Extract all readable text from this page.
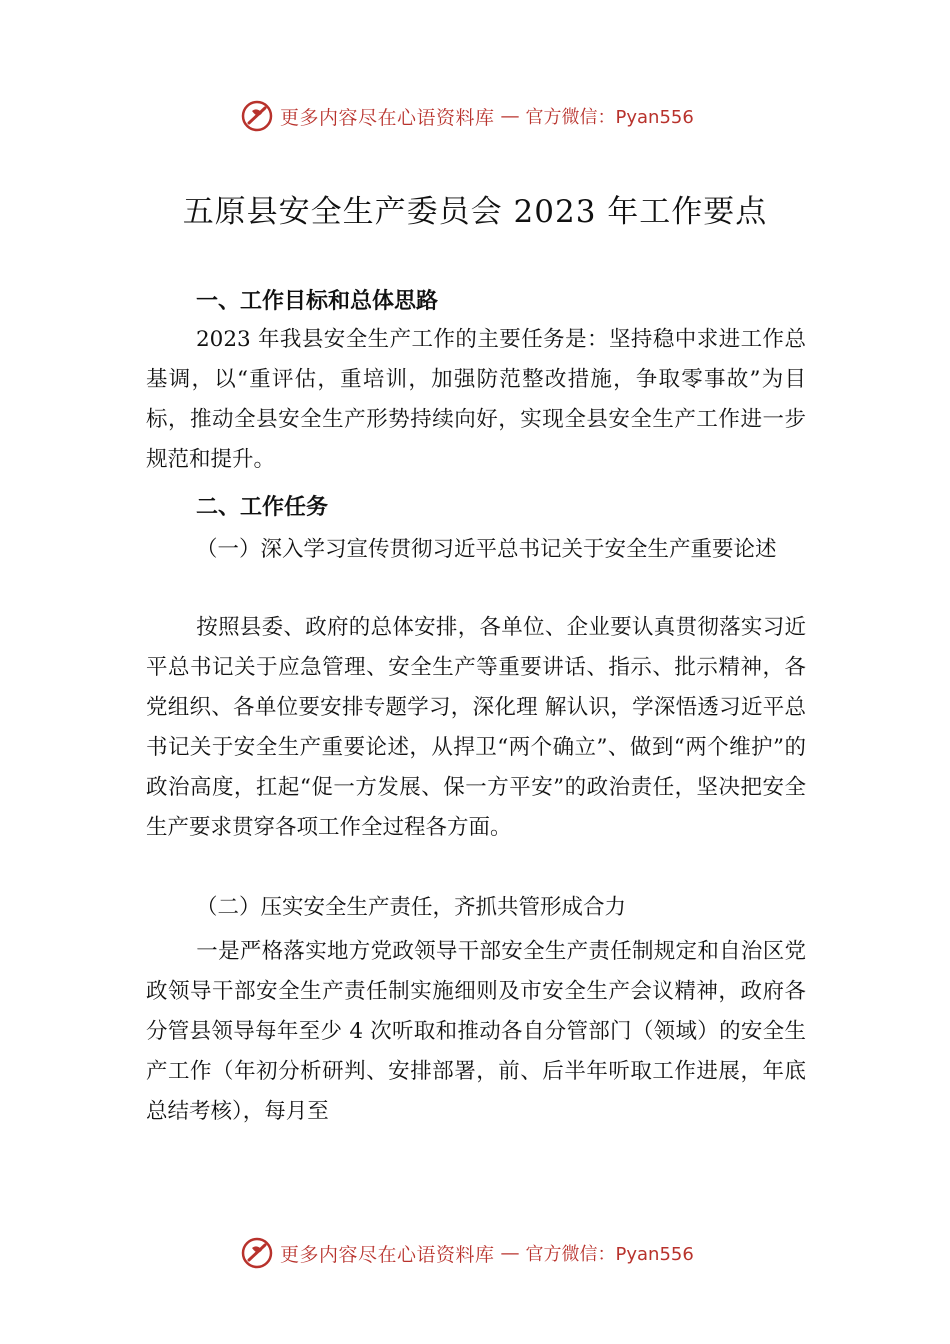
更多内容尽在心语资料库 — 官方微信：Pyan556
五原县安全生产委员会 2023 年工作要点
一、工作目标和总体思路
2023 年我县安全生产工作的主要任务是：坚持稳中求进工作总基调，以“重评估，重培训，加强防范整改措施，争取零事故”为目标，推动全县安全生产形势持续向好，实现全县安全生产工作进一步规范和提升。
二、工作任务
（一）深入学习宣传贯彻习近平总书记关于安全生产重要论述
按照县委、政府的总体安排，各单位、企业要认真贯彻落实习近平总书记关于应急管理、安全生产等重要讲话、指示、批示精神，各党组织、各单位要安排专题学习，深化理 解认识，学深悟透习近平总书记关于安全生产重要论述，从捍卫“两个确立”、做到“两个维护”的政治高度，扛起“促一方发展、保一方平安”的政治责任，坚决把安全生产要求贯穿各项工作全过程各方面。
（二）压实安全生产责任，齐抓共管形成合力
一是严格落实地方党政领导干部安全生产责任制规定和自治区党政领导干部安全生产责任制实施细则及市安全生产会议精神，政府各分管县领导每年至少 4 次听取和推动各自分管部门（领域）的安全生产工作（年初分析研判、安排部署，前、后半年听取工作进展，年底总结考核），每月至
更多内容尽在心语资料库 — 官方微信：Pyan556
